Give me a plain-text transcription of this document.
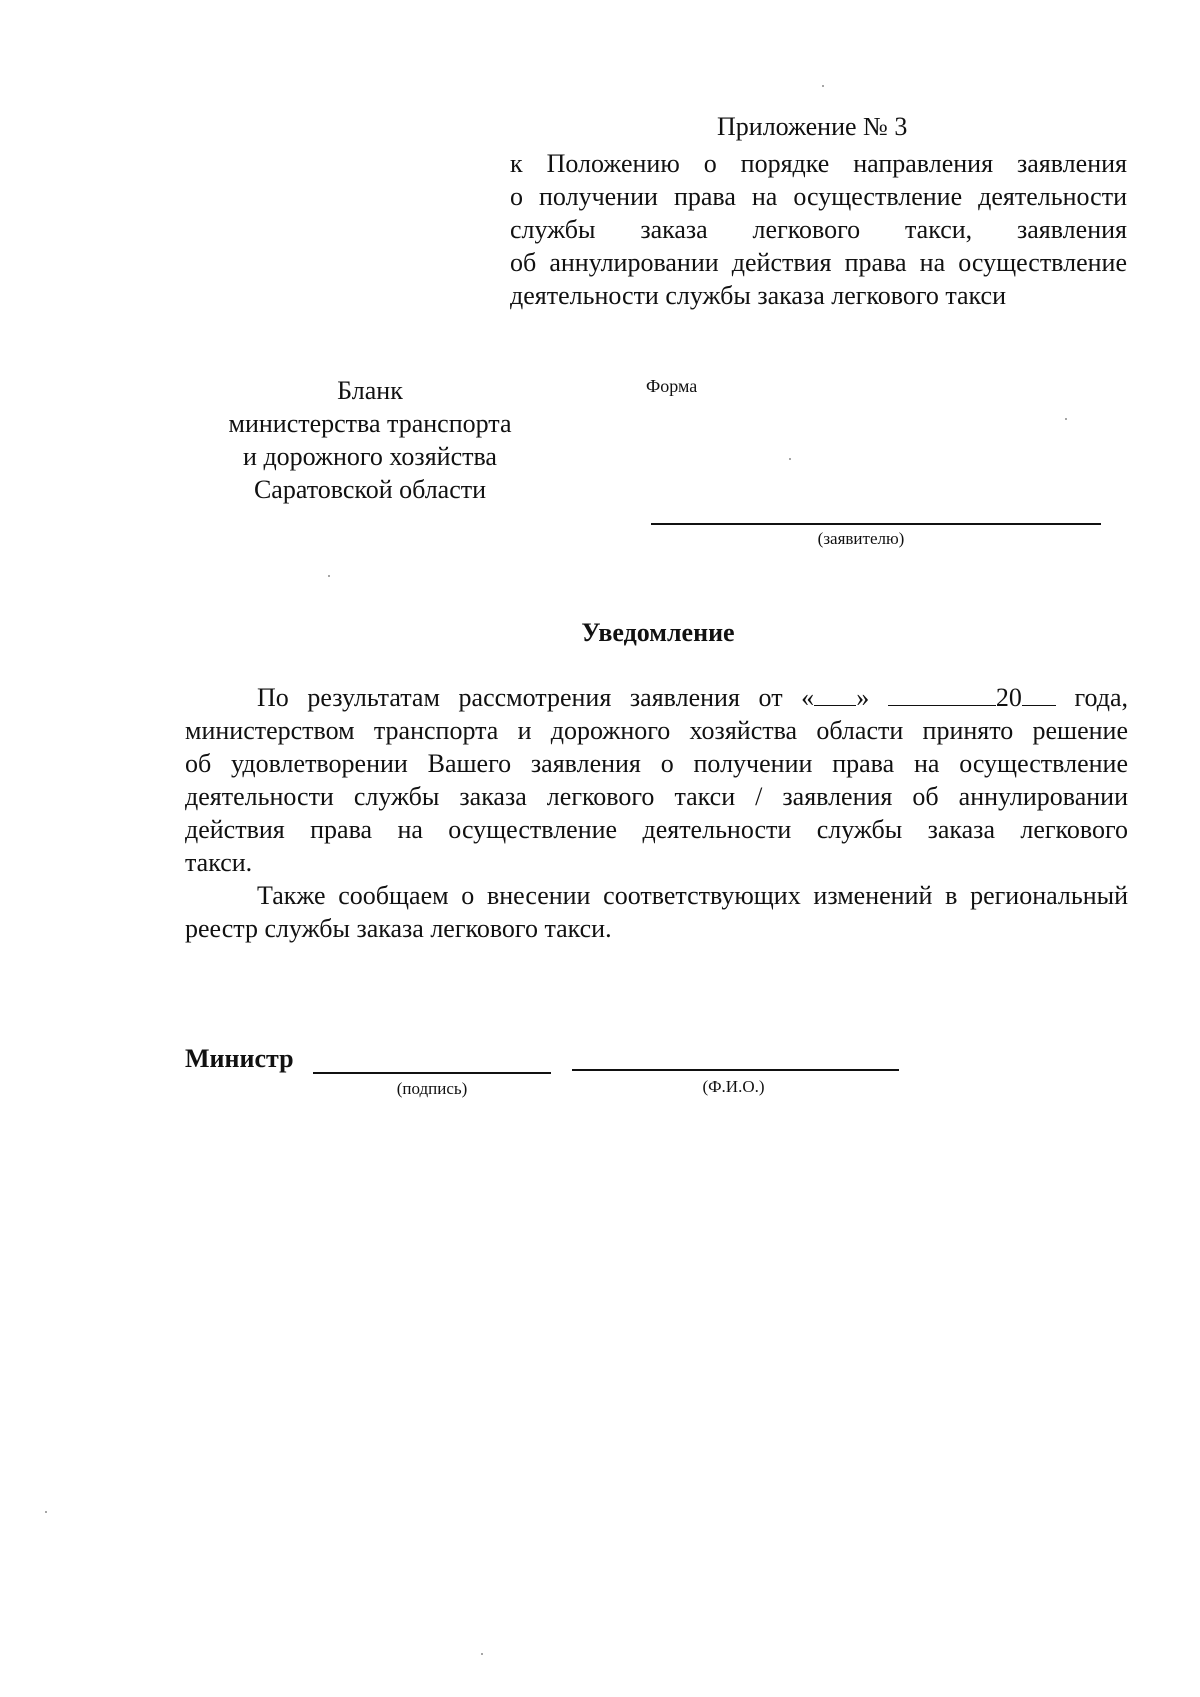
Приложение № 3
к Положению о порядке направления заявления
о получении права на осуществление деятельности
службы заказа легкового такси, заявления
об аннулировании действия права на осуществление
деятельности службы заказа легкового такси
Бланк
министерства транспорта
и дорожного хозяйства
Саратовской области
Форма
(заявителю)
Уведомление
По результатам рассмотрения заявления от « »	20 года,
министерством транспорта и дорожного хозяйства области принято решение
об удовлетворении Вашего заявления о получении права на осуществление
деятельности службы заказа легкового такси / заявления об аннулировании
действия права на осуществление деятельности службы заказа легкового
такси.
Также сообщаем о внесении соответствующих изменений в региональный
реестр службы заказа легкового такси.
Министр
(подпись)	(Ф.И.О.)
